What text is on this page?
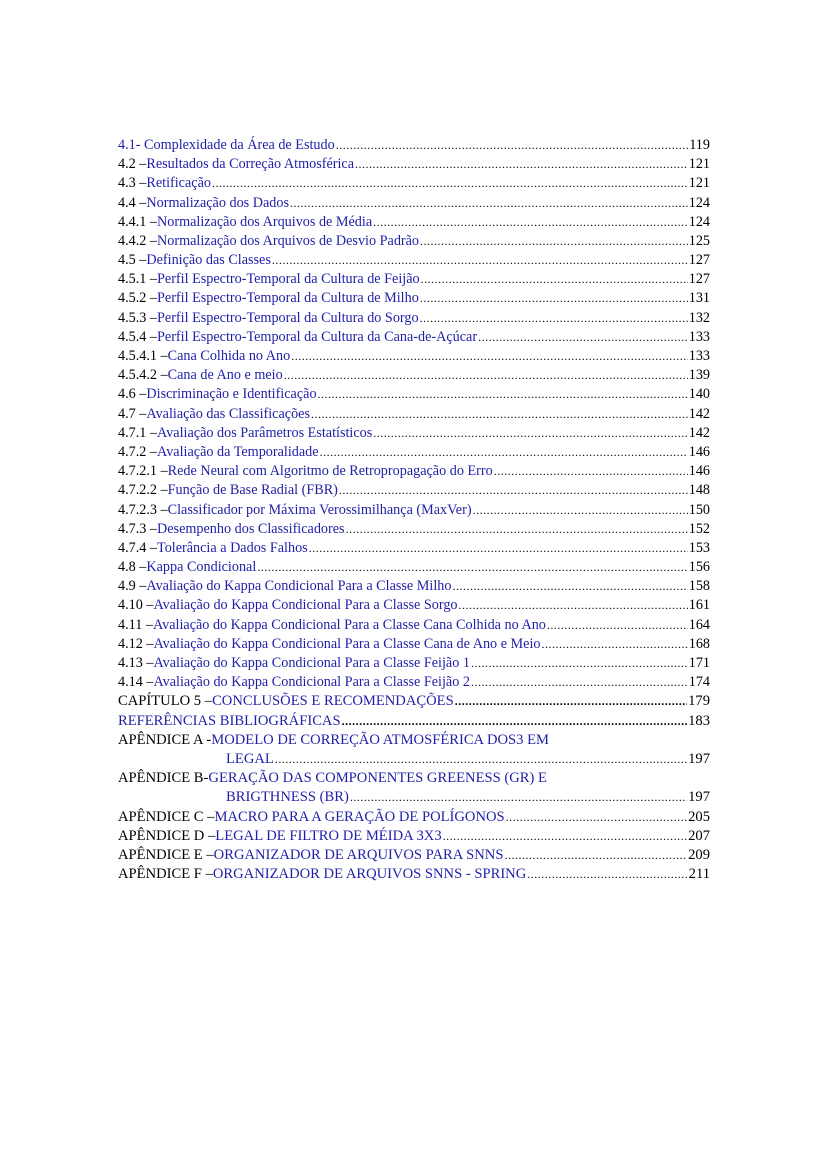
4.1- Complexidade da Área de Estudo .....	119
4.2 – Resultados da Correção Atmosférica .....	121
4.3 – Retificação .....	121
4.4 – Normalização dos Dados .....	124
4.4.1 – Normalização dos Arquivos de Média .....	124
4.4.2 – Normalização dos Arquivos de Desvio Padrão .....	125
4.5 – Definição das Classes .....	127
4.5.1 – Perfil Espectro-Temporal da Cultura de Feijão .....	127
4.5.2 – Perfil Espectro-Temporal da Cultura de Milho .....	131
4.5.3 – Perfil Espectro-Temporal da Cultura do Sorgo .....	132
4.5.4 – Perfil Espectro-Temporal da Cultura da Cana-de-Açúcar .....	133
4.5.4.1 – Cana Colhida no Ano .....	133
4.5.4.2 – Cana de Ano e meio .....	139
4.6 – Discriminação e Identificação .....	140
4.7 – Avaliação das Classificações .....	142
4.7.1 – Avaliação dos Parâmetros Estatísticos .....	142
4.7.2 – Avaliação da Temporalidade .....	146
4.7.2.1 – Rede Neural com Algoritmo de Retropropagação do Erro .....	146
4.7.2.2 – Função de Base Radial (FBR) .....	148
4.7.2.3 – Classificador por Máxima Verossimilhança (MaxVer) .....	150
4.7.3 – Desempenho dos Classificadores .....	152
4.7.4 – Tolerância a Dados Falhos .....	153
4.8 – Kappa Condicional .....	156
4.9 – Avaliação do Kappa Condicional Para a Classe Milho .....	158
4.10 – Avaliação do Kappa Condicional Para a Classe Sorgo .....	161
4.11 – Avaliação do Kappa Condicional Para a Classe Cana Colhida no Ano .....	164
4.12 – Avaliação do Kappa Condicional Para a Classe Cana de Ano e Meio .....	168
4.13 – Avaliação do Kappa Condicional Para a Classe Feijão 1 .....	171
4.14 – Avaliação do Kappa Condicional Para a Classe Feijão 2 .....	174
CAPÍTULO 5 – CONCLUSÕES E RECOMENDAÇÕES .....	179
REFERÊNCIAS BIBLIOGRÁFICAS .....	183
APÊNDICE A - MODELO DE CORREÇÃO ATMOSFÉRICA DOS3 EM
LEGAL .....	197
APÊNDICE B- GERAÇÃO DAS COMPONENTES GREENESS (GR) E
BRIGTHNESS (BR) .....	197
APÊNDICE C – MACRO PARA A GERAÇÃO DE POLÍGONOS .....	205
APÊNDICE D – LEGAL DE FILTRO DE MÉIDA 3X3 .....	207
APÊNDICE E – ORGANIZADOR DE ARQUIVOS PARA SNNS .....	209
APÊNDICE F – ORGANIZADOR DE ARQUIVOS SNNS - SPRING .....	211
